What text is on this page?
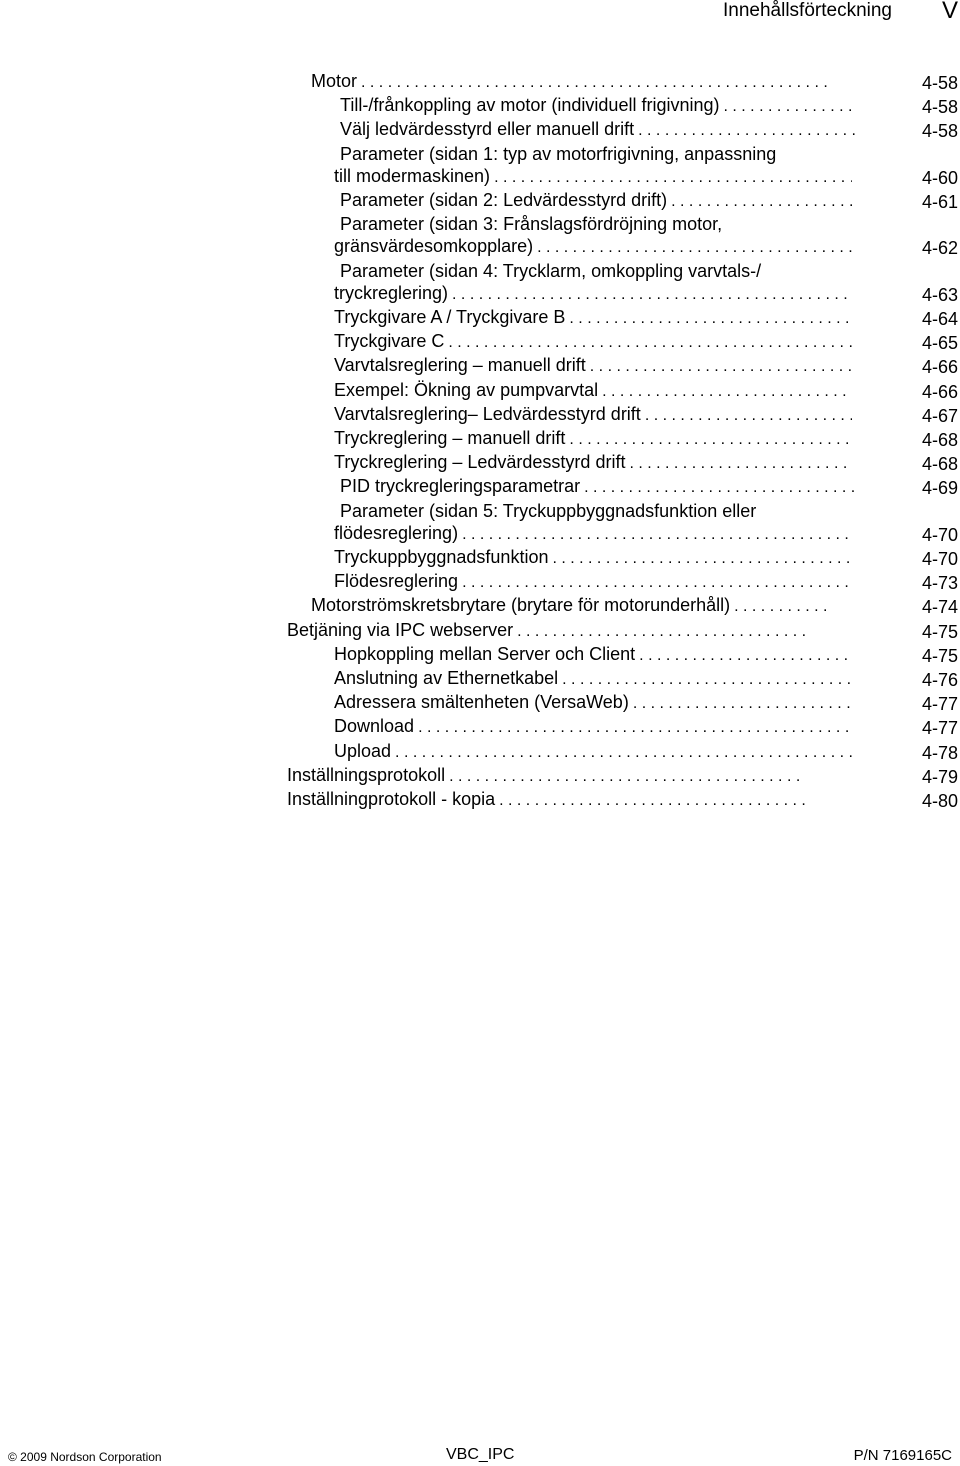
Innehållsförteckning V
Motor . . .	4-58
Till-/frånkoppling av motor (individuell frigivning) . . .	4-58
Välj ledvärdesstyrd eller manuell drift . . .	4-58
Parameter (sidan 1: typ av motorfrigivning, anpassning
till modermaskinen) . . .	4-60
Parameter (sidan 2: Ledvärdesstyrd drift) . . .	4-61
Parameter (sidan 3: Frånslagsfördröjning motor,
gränsvärdesomkopplare) . . .	4-62
Parameter (sidan 4: Trycklarm, omkoppling varvtals-/
tryckreglering) . . .	4-63
Tryckgivare A / Tryckgivare B . . .	4-64
Tryckgivare C . . .	4-65
Varvtalsreglering – manuell drift . . .	4-66
Exempel: Ökning av pumpvarvtal . . .	4-66
Varvtalsreglering– Ledvärdesstyrd drift . . .	4-67
Tryckreglering – manuell drift . . .	4-68
Tryckreglering – Ledvärdesstyrd drift . . .	4-68
PID tryckregleringsparametrar . . .	4-69
Parameter (sidan 5: Tryckuppbyggnadsfunktion eller
flödesreglering) . . .	4-70
Tryckuppbyggnadsfunktion . . .	4-70
Flödesreglering . . .	4-73
Motorströmskretsbrytare (brytare för motorunderhåll) . . .	4-74
Betjäning via IPC webserver . . .	4-75
Hopkoppling mellan Server och Client . . .	4-75
Anslutning av Ethernetkabel . . .	4-76
Adressera smältenheten (VersaWeb) . . .	4-77
Download . . .	4-77
Upload . . .	4-78
Inställningsprotokoll . . .	4-79
Inställningprotokoll - kopia . . .	4-80
© 2009 Nordson Corporation	VBC_IPC	P/N 7169165C
